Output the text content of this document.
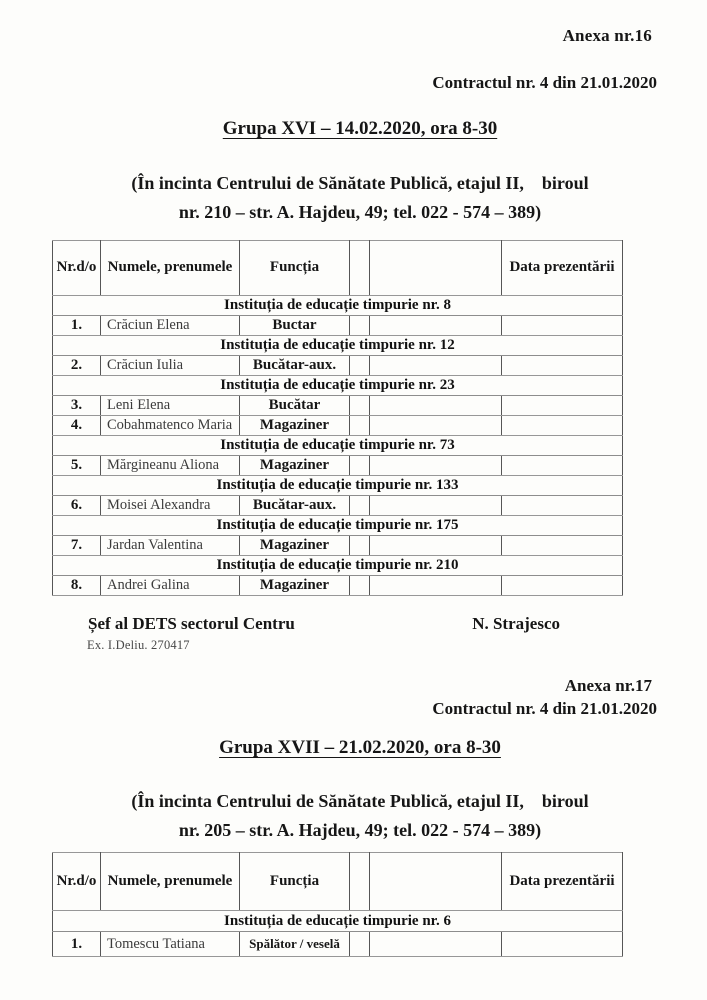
Anexa nr.16
Contractul nr. 4 din 21.01.2020
Grupa XVI – 14.02.2020, ora 8-30
(În incinta Centrului de Sănătate Publică, etajul II,    biroul
nr. 210 – str. A. Hajdeu, 49; tel. 022 - 574 – 389)
Nr.d/o	Numele, prenumele	Funcția			Data prezentării
Instituția de educație timpurie nr. 8					
1.	Crăciun Elena	Buctar			
Instituția de educație timpurie nr. 12					
2.	Crăciun Iulia	Bucătar-aux.			
Instituția de educație timpurie nr. 23					
3.	Leni Elena	Bucătar			
4.	Cobahmatenco Maria	Magaziner			
Instituția de educație timpurie nr. 73					
5.	Mărgineanu Aliona	Magaziner			
Instituția de educație timpurie nr. 133					
6.	Moisei Alexandra	Bucătar-aux.			
Instituția de educație timpurie nr. 175					
7.	Jardan Valentina	Magaziner			
Instituția de educație timpurie nr. 210					
8.	Andrei Galina	Magaziner			
Șef al DETS sectorul Centru	N. Strajesco
Ex. I.Deliu. 270417
Anexa nr.17
Contractul nr. 4 din 21.01.2020
Grupa XVII – 21.02.2020, ora 8-30
(În incinta Centrului de Sănătate Publică, etajul II,    biroul
nr. 205 – str. A. Hajdeu, 49; tel. 022 - 574 – 389)
Nr.d/o	Numele, prenumele	Funcția			Data prezentării
Instituția de educație timpurie nr. 6					
1.	Tomescu Tatiana	Spălător / veselă			
